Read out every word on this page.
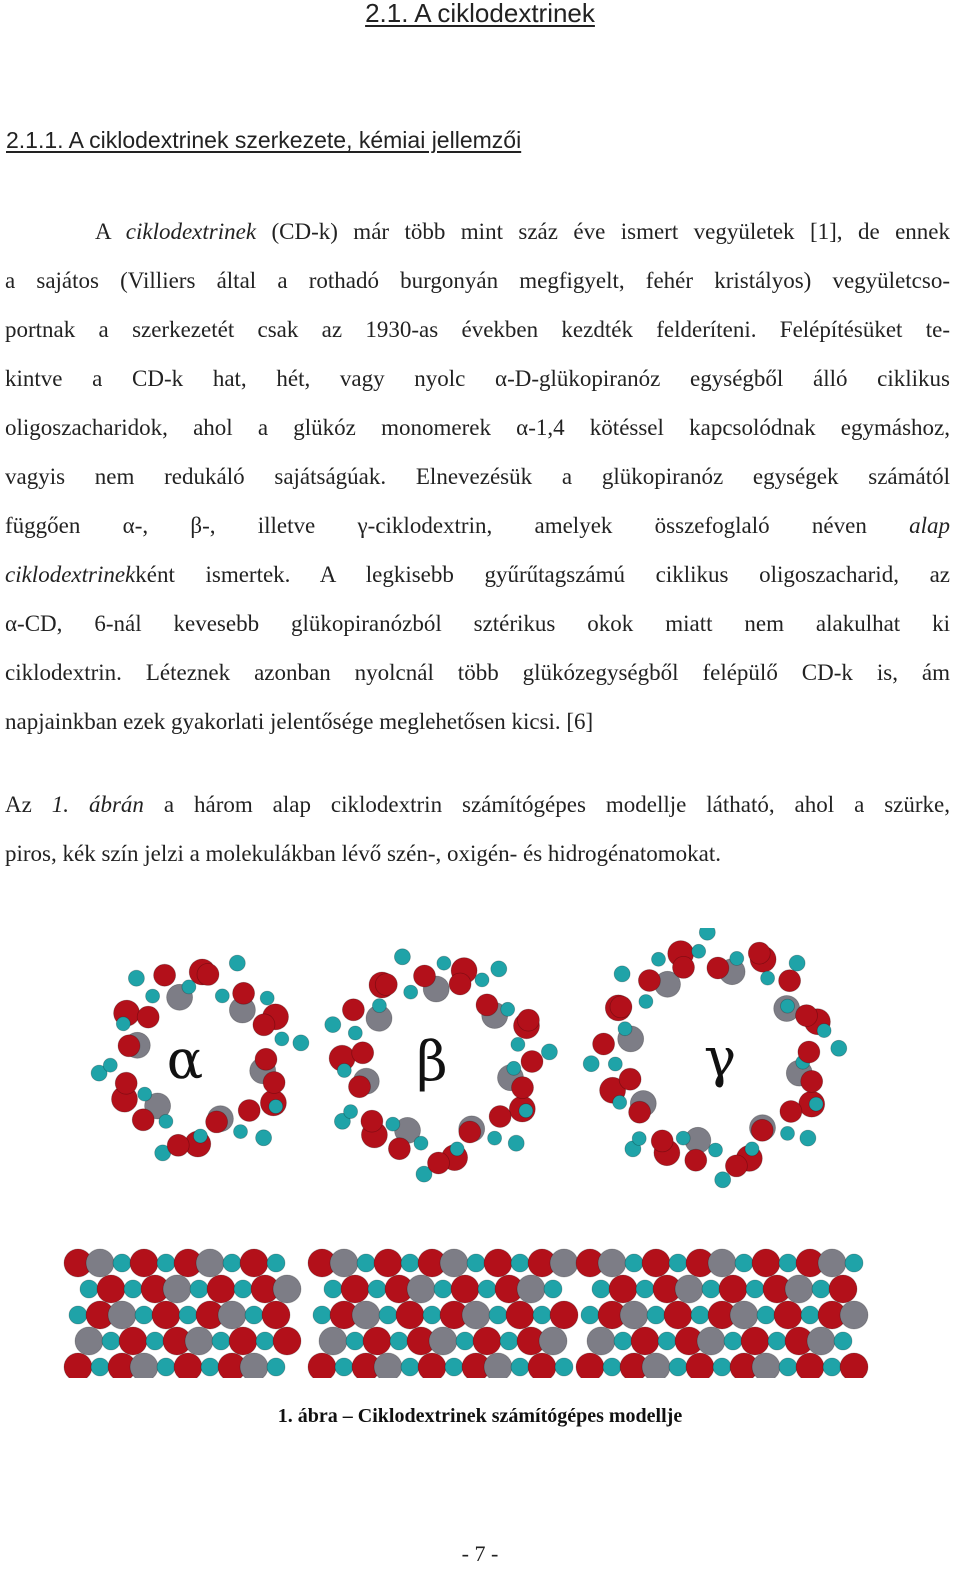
2.1. A ciklodextrinek
2.1.1. A ciklodextrinek szerkezete, kémiai jellemzői
A ciklodextrinek (CD-k) már több mint száz éve ismert vegyületek [1], de ennek
a sajátos (Villiers által a rothadó burgonyán megfigyelt, fehér kristályos) vegyületcso-
portnak a szerkezetét csak az 1930-as években kezdték felderíteni. Felépítésüket te-
kintve a CD-k hat, hét, vagy nyolc α-D-glükopiranóz egységből álló ciklikus
oligoszacharidok, ahol a glükóz monomerek α-1,4 kötéssel kapcsolódnak egymáshoz,
vagyis nem redukáló sajátságúak. Elnevezésük a glükopiranóz egységek számától
függően α-, β-, illetve γ-ciklodextrin, amelyek összefoglaló néven alap
ciklodextrinekként ismertek. A legkisebb gyűrűtagszámú ciklikus oligoszacharid, az
α-CD, 6-nál kevesebb glükopiranózból sztérikus okok miatt nem alakulhat ki
ciklodextrin. Léteznek azonban nyolcnál több glükózegységből felépülő CD-k is, ám
napjainkban ezek gyakorlati jelentősége meglehetősen kicsi. [6]
Az 1. ábrán a három alap ciklodextrin számítógépes modellje látható, ahol a szürke,
piros, kék szín jelzi a molekulákban lévő szén-, oxigén- és hidrogénatomokat.
α	β	γ
1. ábra – Ciklodextrinek számítógépes modellje
- 7 -
